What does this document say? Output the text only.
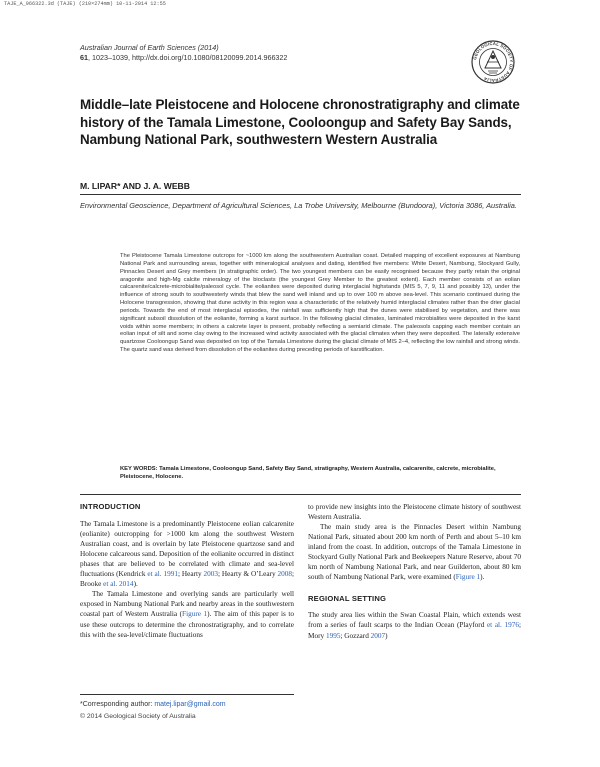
TAJE_A_966322.3d (TAJE) (210×274mm) 10-11-2014 12:55
Australian Journal of Earth Sciences (2014)
61, 1023–1039, http://dx.doi.org/10.1080/08120099.2014.966322	GEOLOGICAL SOCIETY OF AUSTRALIA
Middle–late Pleistocene and Holocene chronostratigraphy and climate history of the Tamala Limestone, Cooloongup and Safety Bay Sands, Nambung National Park, southwestern Western Australia
M. LIPAR* AND J. A. WEBB
Environmental Geoscience, Department of Agricultural Sciences, La Trobe University, Melbourne (Bundoora), Victoria 3086, Australia.

The Pleistocene Tamala Limestone outcrops for ~1000 km along the southwestern Australian coast. Detailed mapping of excellent exposures at Nambung National Park and surrounding areas, together with mineralogical analyses and dating, identified five members: White Desert, Nambung, Stockyard Gully, Pinnacles Desert and Grey members (in stratigraphic order). The two youngest members can be easily recognised because they partly retain the original aragonite and high-Mg calcite mineralogy of the bioclasts (the youngest Grey Member to the greatest extent). Each member consists of an eolian calcarenite/calcrete-microbialite/paleosol cycle. The eolianites were deposited during interglacial highstands (MIS 5, 7, 9, 11 and possibly 13), under the influence of strong south to southwesterly winds that blew the sand well inland and up to over 100 m above sea-level. This scenario continued during the Holocene transgression, showing that dune activity in this region was a characteristic of the relatively humid interglacial climates rather than the drier glacial periods. Towards the end of most interglacial episodes, the rainfall was sufficiently high that the dunes were stabilised by vegetation, and there was significant subsoil dissolution of the eolianite, forming a karst surface. In the following glacial climates, laminated microbialites were deposited in the karst voids within some members; in others a calcrete layer is present, probably reflecting a semiarid climate. The paleosols capping each member contain an eolian input of silt and some clay owing to the increased wind activity associated with the glacial climates when they were deposited. The laterally extensive quartzose Cooloongup Sand was deposited on top of the Tamala Limestone during the glacial climate of MIS 2–4, reflecting the low rainfall and strong winds. The quartz sand was derived from dissolution of the eolianites during preceding periods of karstification.

KEY WORDS: Tamala Limestone, Cooloongup Sand, Safety Bay Sand, stratigraphy, Western Australia, calcarenite, calcrete, microbialite, Pleistocene, Holocene.

INTRODUCTION

The Tamala Limestone is a predominantly Pleistocene eolian calcarenite (eolianite) outcropping for >1000 km along the southwest Western Australian coast, and is overlain by late Pleistocene quartzose sand and Holocene calcareous sand. Deposition of the eolianite occurred in distinct phases that are believed to be correlated with climate and sea-level fluctuations (Kendrick et al. 1991; Hearty 2003; Hearty & O’Leary 2008; Brooke et al. 2014).

The Tamala Limestone and overlying sands are particularly well exposed in Nambung National Park and nearby areas in the southwestern coastal part of Western Australia (Figure 1). The aim of this paper is to use these outcrops to determine the chronostratigraphy, and to correlate this with the sea-level/climate fluctuations

to provide new insights into the Pleistocene climate history of southwest Western Australia.

The main study area is the Pinnacles Desert within Nambung National Park, situated about 200 km north of Perth and about 5–10 km inland from the coast. In addition, outcrops of the Tamala Limestone in Stockyard Gully National Park and Beekeepers Nature Reserve, about 70 km north of Nambung National Park, and near Guilderton, about 80 km south of Nambung National Park, were examined (Figure 1).

REGIONAL SETTING

The study area lies within the Swan Coastal Plain, which extends west from a series of fault scarps to the Indian Ocean (Playford et al. 1976; Mory 1995; Gozzard 2007)

*Corresponding author: matej.lipar@gmail.com
© 2014 Geological Society of Australia
